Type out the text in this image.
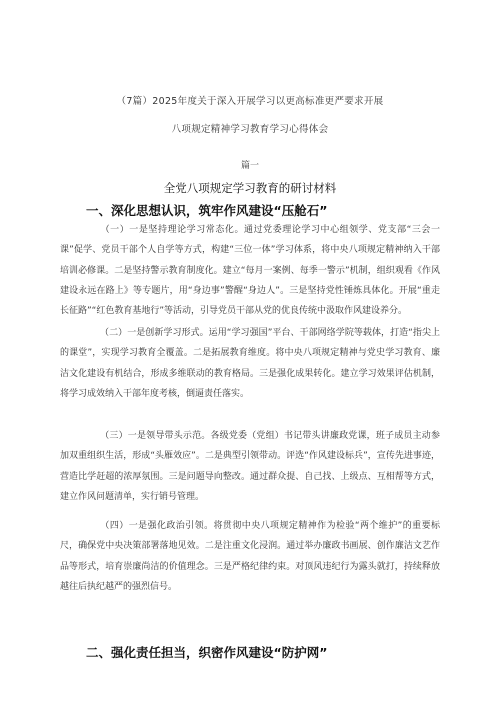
（7篇）2025年度关于深入开展学习以更高标准更严要求开展
八项规定精神学习教育学习心得体会
篇一
全党八项规定学习教育的研讨材料
一、深化思想认识，筑牢作风建设“压舱石”

（一）一是坚持理论学习常态化。通过党委理论学习中心组领学、党支部“三会一课”促学、党员干部个人自学等方式，构建“三位一体”学习体系，将中央八项规定精神纳入干部培训必修课。二是坚持警示教育制度化。建立“每月一案例、每季一警示”机制，组织观看《作风建设永远在路上》等专题片，用“身边事”警醒“身边人”。三是坚持党性锤炼具体化。开展“重走长征路”“红色教育基地行”等活动，引导党员干部从党的优良传统中汲取作风建设养分。

（二）一是创新学习形式。运用“学习强国”平台、干部网络学院等载体，打造“指尖上的课堂”，实现学习教育全覆盖。二是拓展教育维度。将中央八项规定精神与党史学习教育、廉洁文化建设有机结合，形成多维联动的教育格局。三是强化成果转化。建立学习效果评估机制，将学习成效纳入干部年度考核，倒逼责任落实。

（三）一是领导带头示范。各级党委（党组）书记带头讲廉政党课，班子成员主动参加双重组织生活，形成“头雁效应”。二是典型引领带动。评选“作风建设标兵”，宣传先进事迹，营造比学赶超的浓厚氛围。三是问题导向整改。通过群众提、自己找、上级点、互相帮等方式，建立作风问题清单，实行销号管理。

（四）一是强化政治引领。将贯彻中央八项规定精神作为检验“两个维护”的重要标尺，确保党中央决策部署落地见效。二是注重文化浸润。通过举办廉政书画展、创作廉洁文艺作品等形式，培育崇廉尚洁的价值理念。三是严格纪律约束。对顶风违纪行为露头就打，持续释放越往后执纪越严的强烈信号。

二、强化责任担当，织密作风建设“防护网”
